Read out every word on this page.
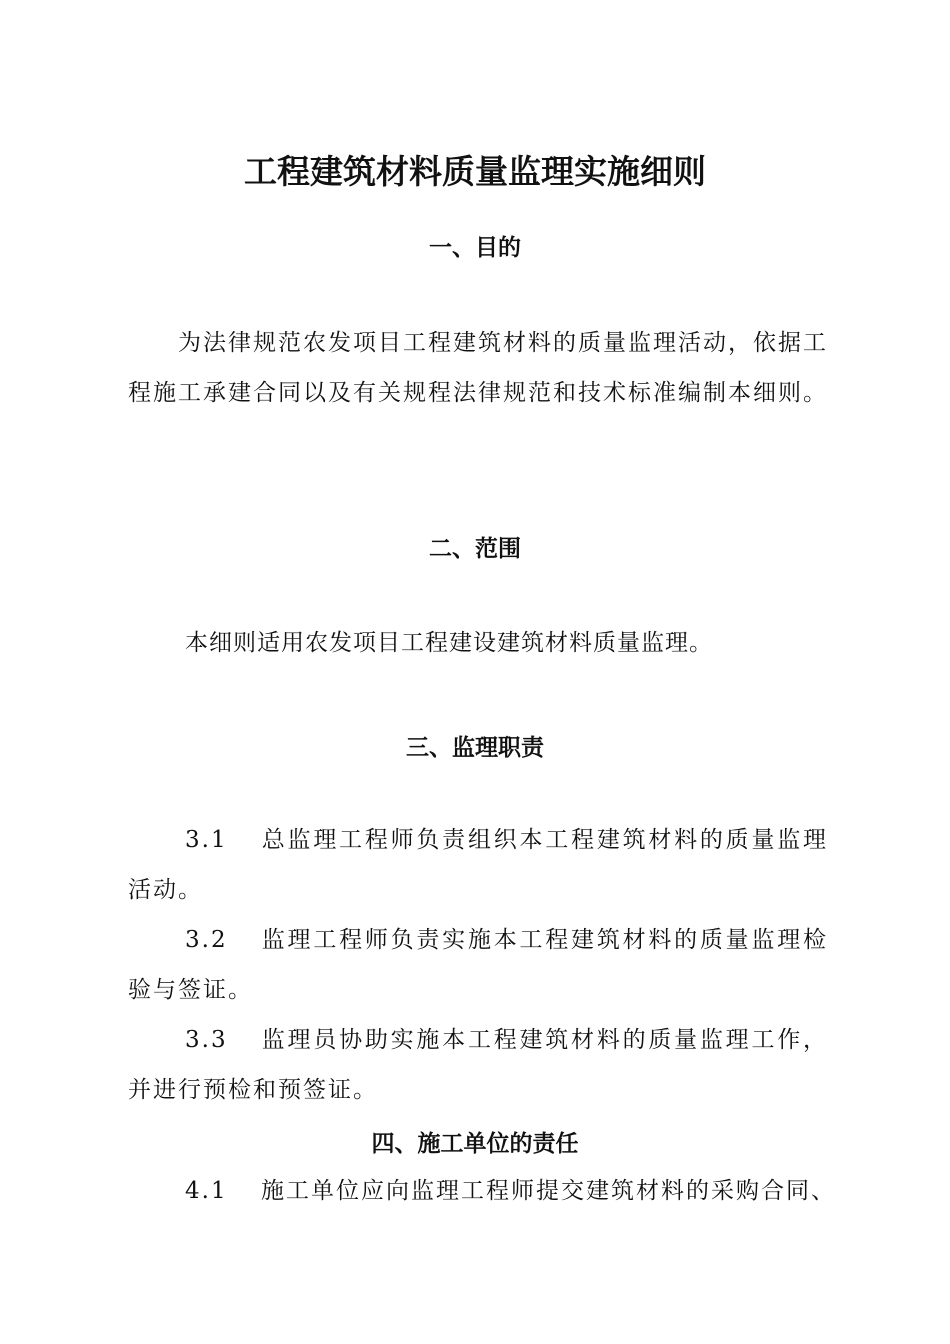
工程建筑材料质量监理实施细则
一、目的

为法律规范农发项目工程建筑材料的质量监理活动，依据工程施工承建合同以及有关规程法律规范和技术标准编制本细则。

二、范围

本细则适用农发项目工程建设建筑材料质量监理。

三、监理职责

3.1 总监理工程师负责组织本工程建筑材料的质量监理活动。

3.2 监理工程师负责实施本工程建筑材料的质量监理检验与签证。

3.3 监理员协助实施本工程建筑材料的质量监理工作，并进行预检和预签证。

四、施工单位的责任

4.1 施工单位应向监理工程师提交建筑材料的采购合同、
